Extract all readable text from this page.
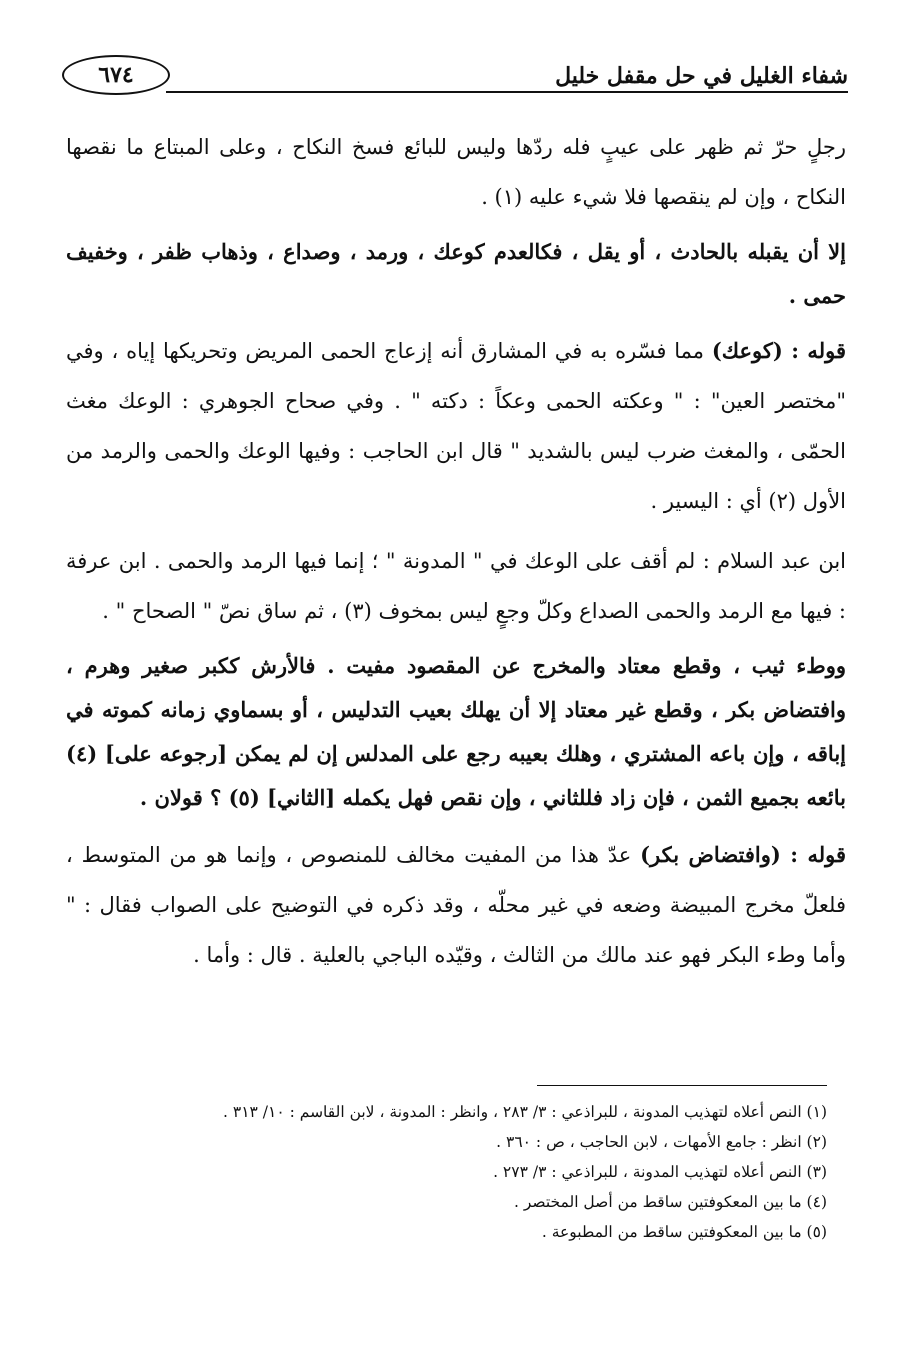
٦٧٤	شفاء الغليل في حل مقفل خليل

رجلٍ حرّ ثم ظهر على عيبٍ فله ردّها وليس للبائع فسخ النكاح ، وعلى المبتاع ما نقصها النكاح ، وإن لم ينقصها فلا شيء عليه (١) .

إلا أن يقبله بالحادث ، أو يقل ، فكالعدم كوعك ، ورمد ، وصداع ، وذهاب ظفر ، وخفيف حمى .

قوله : (كوعك) مما فسّره به في المشارق أنه إزعاج الحمى المريض وتحريكها إياه ، وفي "مختصر العين" : " وعكته الحمى وعكاً : دكته " . وفي صحاح الجوهري : الوعك مغث الحمّى ، والمغث ضرب ليس بالشديد " قال ابن الحاجب : وفيها الوعك والحمى والرمد من الأول (٢) أي : اليسير .

ابن عبد السلام : لم أقف على الوعك في " المدونة " ؛ إنما فيها الرمد والحمى . ابن عرفة : فيها مع الرمد والحمى الصداع وكلّ وجعٍ ليس بمخوف (٣) ، ثم ساق نصّ " الصحاح " .

ووطء ثيب ، وقطع معتاد والمخرج عن المقصود مفيت . فالأرش ككبر صغير وهرم ، وافتضاض بكر ، وقطع غير معتاد إلا أن يهلك بعيب التدليس ، أو بسماوي زمانه كموته في إباقه ، وإن باعه المشتري ، وهلك بعيبه رجع على المدلس إن لم يمكن [رجوعه على] (٤) بائعه بجميع الثمن ، فإن زاد فللثاني ، وإن نقص فهل يكمله [الثاني] (٥) ؟ قولان .

قوله : (وافتضاض بكر) عدّ هذا من المفيت مخالف للمنصوص ، وإنما هو من المتوسط ، فلعلّ مخرج المبيضة وضعه في غير محلّه ، وقد ذكره في التوضيح على الصواب فقال : " وأما وطء البكر فهو عند مالك من الثالث ، وقيّده الباجي بالعلية . قال : وأما .

(١) النص أعلاه لتهذيب المدونة ، للبراذعي : ٣/ ٢٨٣ ، وانظر : المدونة ، لابن القاسم : ١٠/ ٣١٣ .
(٢) انظر : جامع الأمهات ، لابن الحاجب ، ص : ٣٦٠ .
(٣) النص أعلاه لتهذيب المدونة ، للبراذعي : ٣/ ٢٧٣ .
(٤) ما بين المعكوفتين ساقط من أصل المختصر .
(٥) ما بين المعكوفتين ساقط من المطبوعة .
